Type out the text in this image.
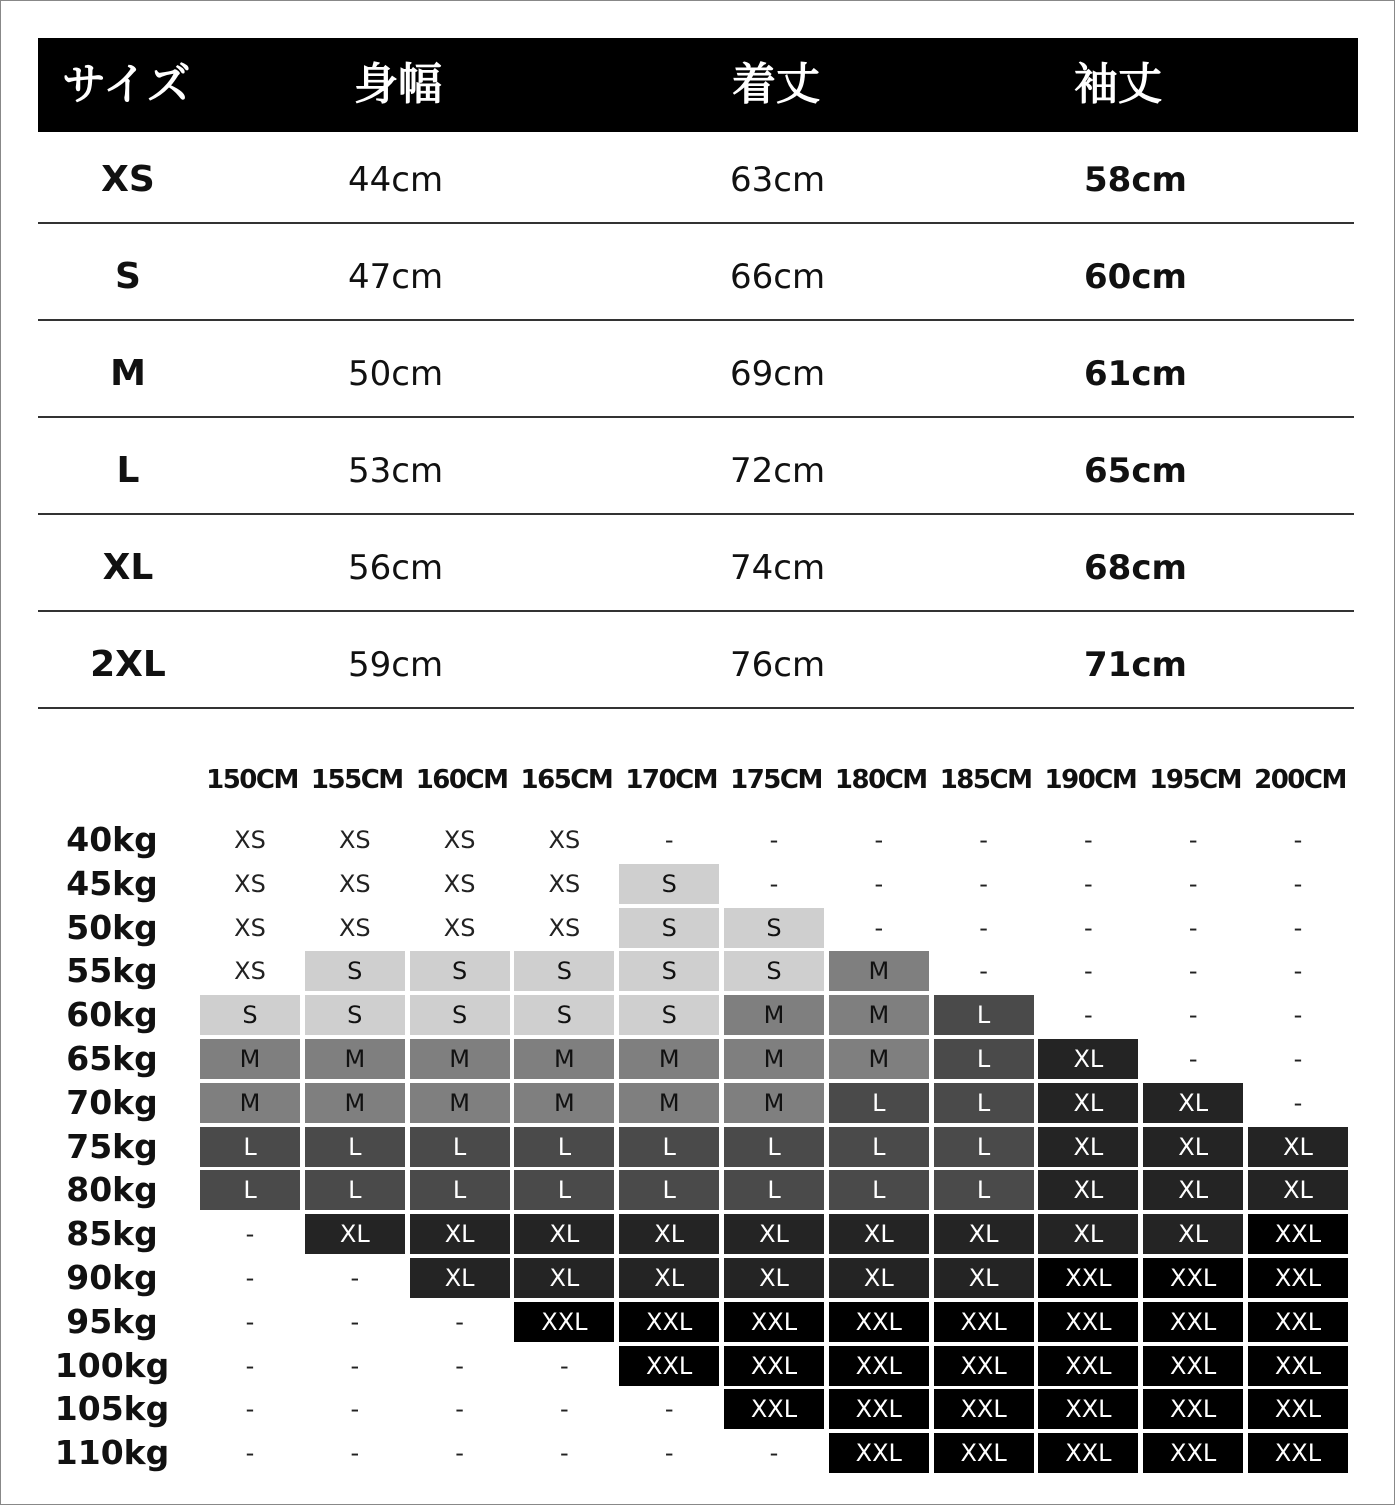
サイズ	身幅	着丈	袖丈
XS	44cm	63cm	58cm
S	47cm	66cm	60cm
M	50cm	69cm	61cm
L	53cm	72cm	65cm
XL	56cm	74cm	68cm
2XL	59cm	76cm	71cm
150CM 155CM 160CM 165CM 170CM 175CM 180CM 185CM 190CM 195CM 200CM
40kg	XS	XS	XS	XS	-	-	-	-	-	-	-
45kg	XS	XS	XS	XS	S	-	-	-	-	-	-
50kg	XS	XS	XS	XS	S	S	-	-	-	-	-
55kg	XS	S	S	S	S	S	M	-	-	-	-
60kg	S	S	S	S	S	M	M	L	-	-	-
65kg	M	M	M	M	M	M	M	L	XL	-	-
70kg	M	M	M	M	M	M	L	L	XL	XL	-
75kg	L	L	L	L	L	L	L	L	XL	XL	XL
80kg	L	L	L	L	L	L	L	L	XL	XL	XL
85kg	-	XL	XL	XL	XL	XL	XL	XL	XL	XL	XXL
90kg	-	-	XL	XL	XL	XL	XL	XL	XXL	XXL	XXL
95kg	-	-	-	XXL	XXL	XXL	XXL	XXL	XXL	XXL	XXL
100kg	-	-	-	-	XXL	XXL	XXL	XXL	XXL	XXL	XXL
105kg	-	-	-	-	-	XXL	XXL	XXL	XXL	XXL	XXL
110kg	-	-	-	-	-	-	XXL	XXL	XXL	XXL	XXL
